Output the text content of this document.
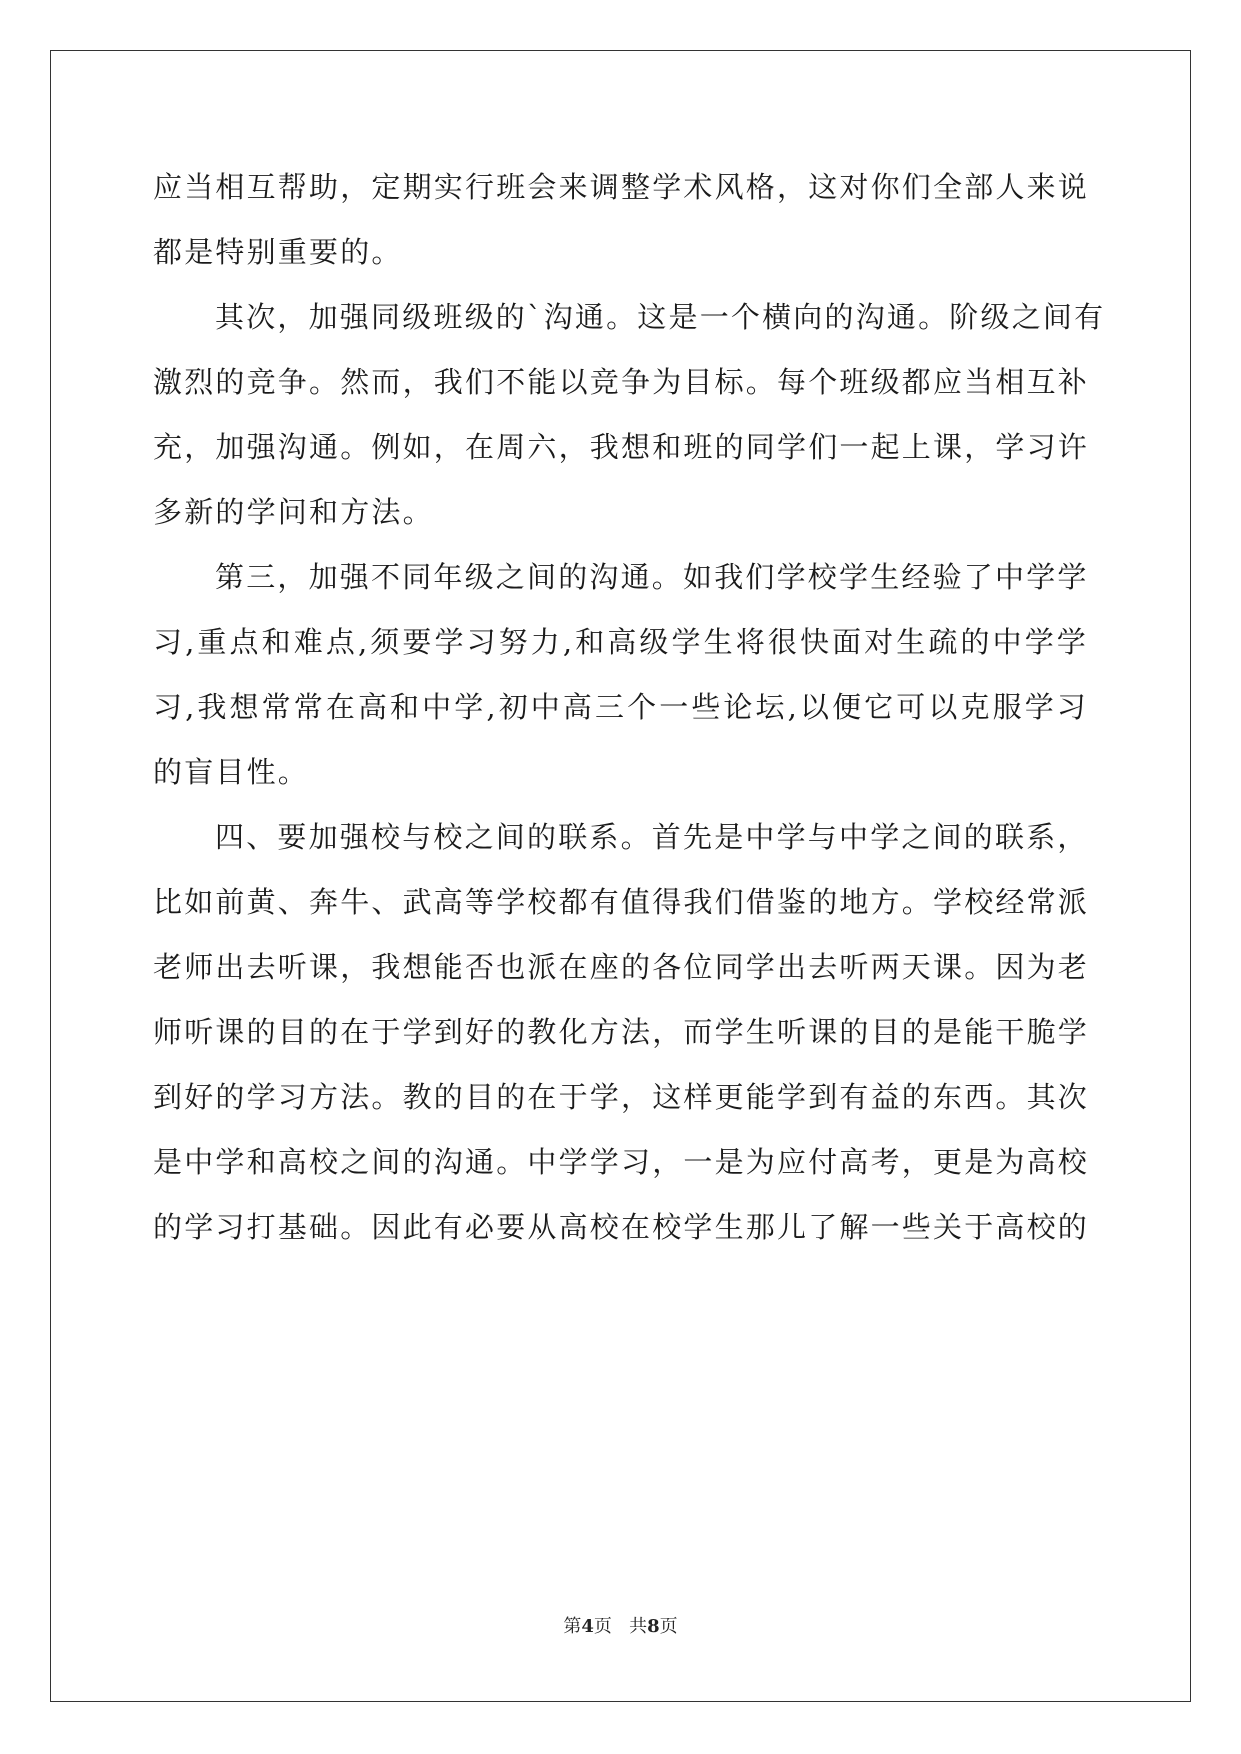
应当相互帮助，定期实行班会来调整学术风格，这对你们全部人来说
都是特别重要的。
其次，加强同级班级的`沟通。这是一个横向的沟通。阶级之间有
激烈的竞争。然而，我们不能以竞争为目标。每个班级都应当相互补
充，加强沟通。例如，在周六，我想和班的同学们一起上课，学习许
多新的学问和方法。
第三，加强不同年级之间的沟通。如我们学校学生经验了中学学
习,重点和难点,须要学习努力,和高级学生将很快面对生疏的中学学
习,我想常常在高和中学,初中高三个一些论坛,以便它可以克服学习
的盲目性。
四、要加强校与校之间的联系。首先是中学与中学之间的联系，
比如前黄、奔牛、武高等学校都有值得我们借鉴的地方。学校经常派
老师出去听课，我想能否也派在座的各位同学出去听两天课。因为老
师听课的目的在于学到好的教化方法，而学生听课的目的是能干脆学
到好的学习方法。教的目的在于学，这样更能学到有益的东西。其次
是中学和高校之间的沟通。中学学习，一是为应付高考，更是为高校
的学习打基础。因此有必要从高校在校学生那儿了解一些关于高校的
第4页 共8页
